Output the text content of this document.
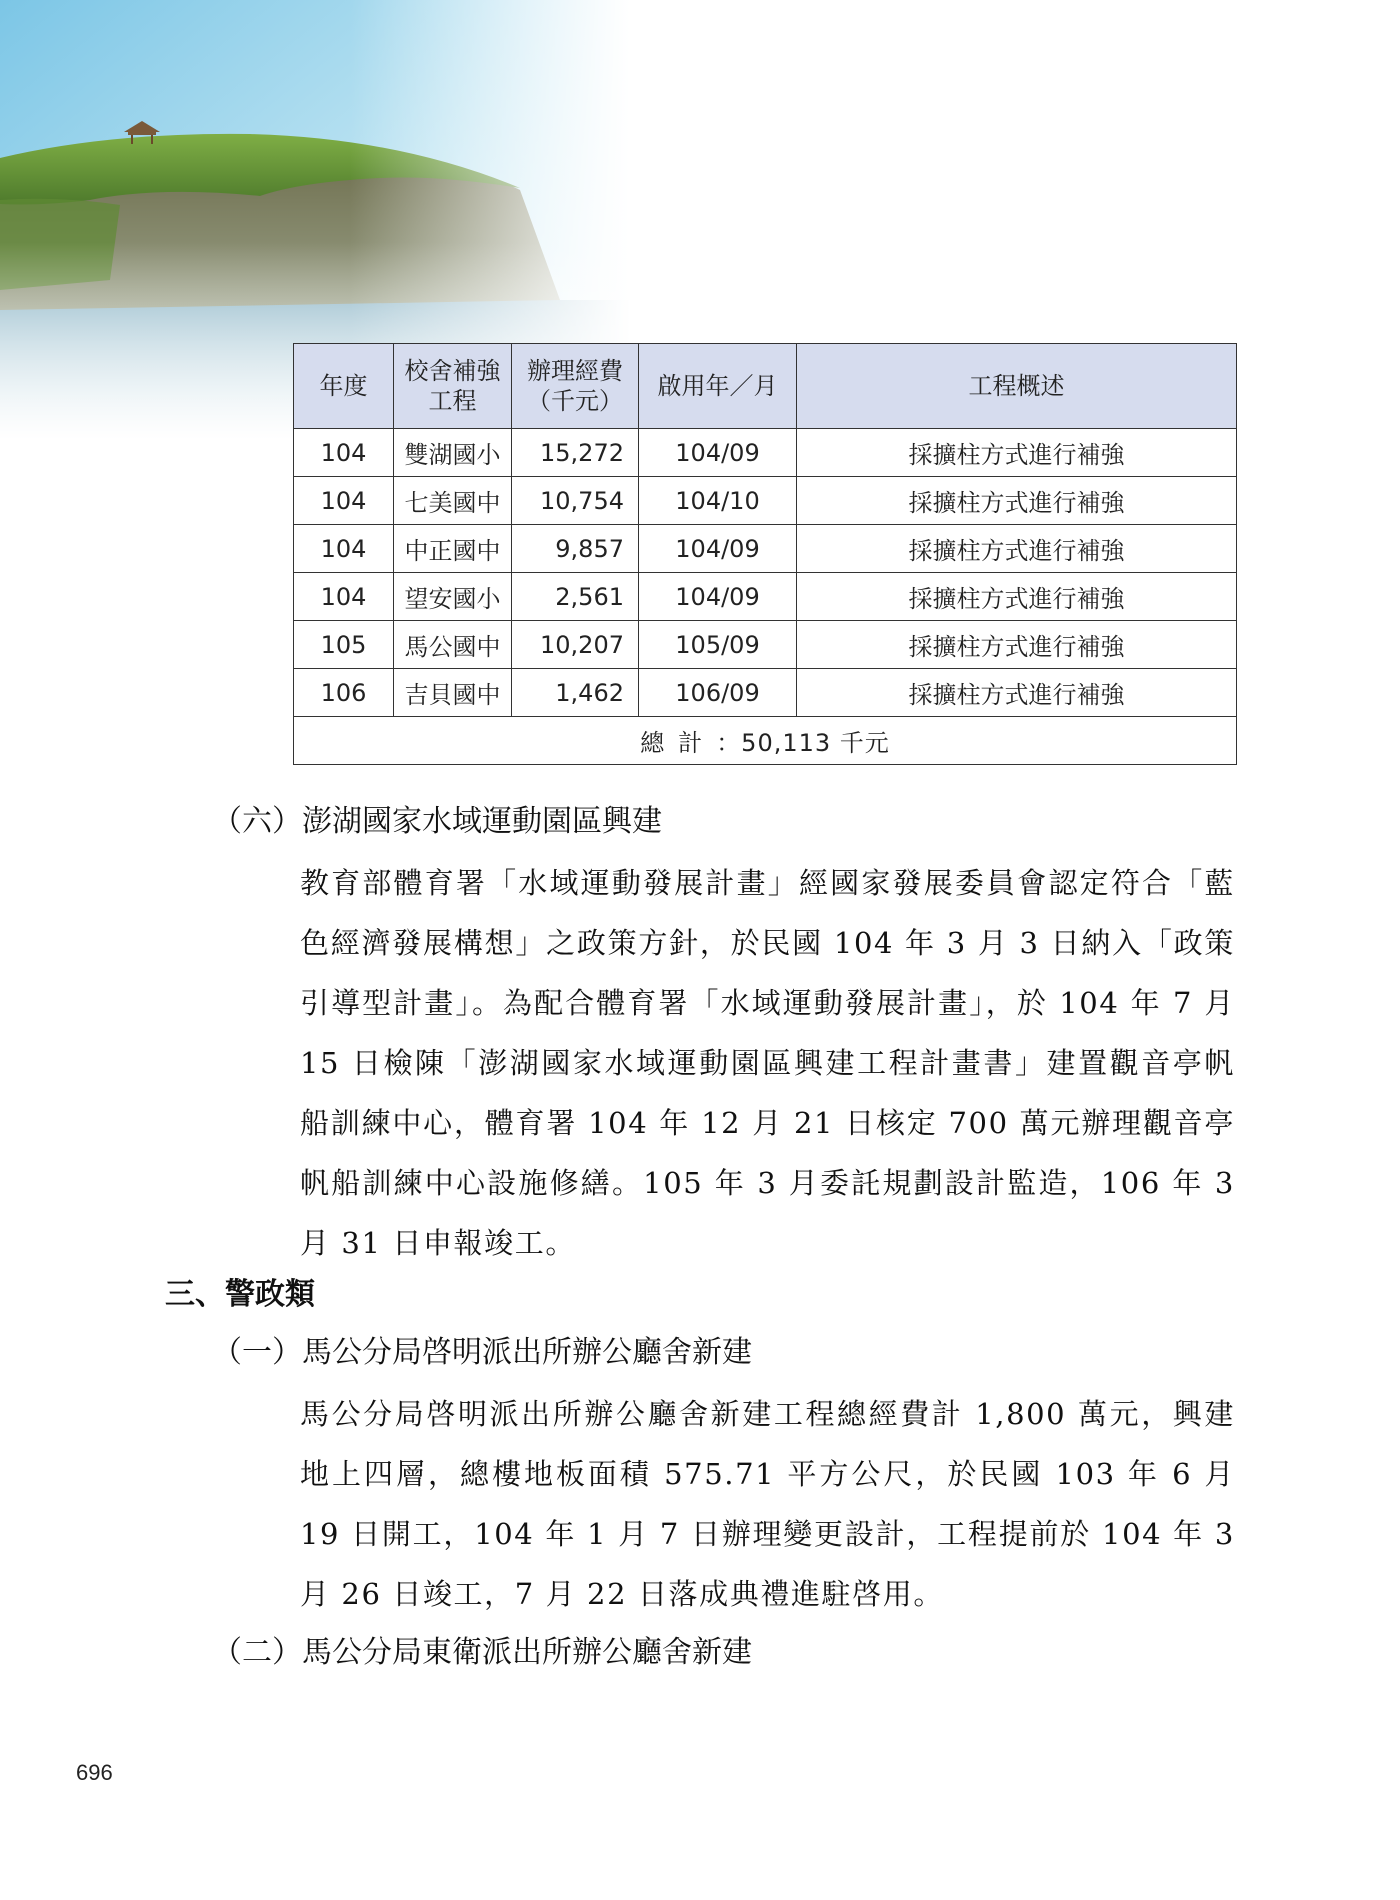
年度	校舍補強工程	辦理經費（千元）	啟用年／月	工程概述
104	雙湖國小	15,272	104/09	採擴柱方式進行補強
104	七美國中	10,754	104/10	採擴柱方式進行補強
104	中正國中	9,857	104/09	採擴柱方式進行補強
104	望安國小	2,561	104/09	採擴柱方式進行補強
105	馬公國中	10,207	105/09	採擴柱方式進行補強
106	吉貝國中	1,462	106/09	採擴柱方式進行補強
總計：50,113 千元				
（六）澎湖國家水域運動園區興建
教育部體育署「水域運動發展計畫」經國家發展委員會認定符合「藍色經濟發展構想」之政策方針，於民國 104 年 3 月 3 日納入「政策引導型計畫」。為配合體育署「水域運動發展計畫」，於 104 年 7 月 15 日檢陳「澎湖國家水域運動園區興建工程計畫書」建置觀音亭帆船訓練中心，體育署 104 年 12 月 21 日核定 700 萬元辦理觀音亭帆船訓練中心設施修繕。105 年 3 月委託規劃設計監造，106 年 3 月 31 日申報竣工。
三、警政類
（一）馬公分局啓明派出所辦公廳舍新建
馬公分局啓明派出所辦公廳舍新建工程總經費計 1,800 萬元，興建地上四層，總樓地板面積 575.71 平方公尺，於民國 103 年 6 月 19 日開工，104 年 1 月 7 日辦理變更設計，工程提前於 104 年 3 月 26 日竣工，7 月 22 日落成典禮進駐啓用。
（二）馬公分局東衛派出所辦公廳舍新建
696
